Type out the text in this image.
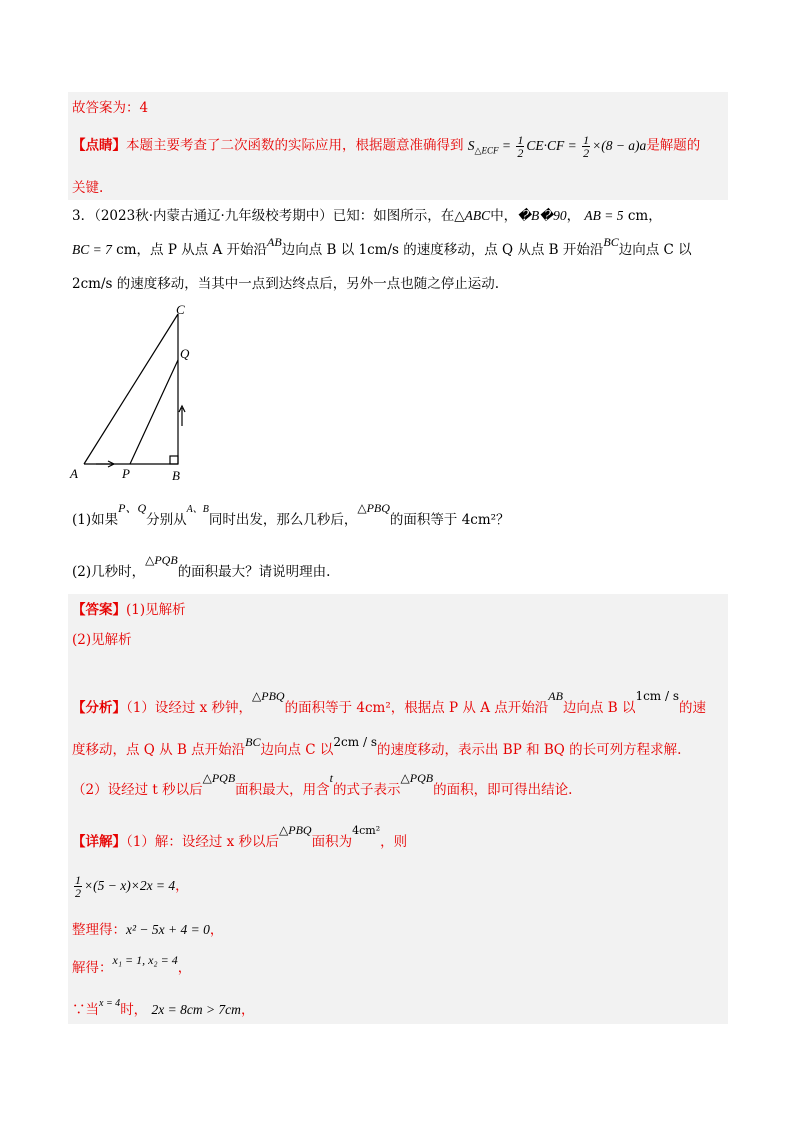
故答案为：4
【点睛】本题主要考查了二次函数的实际应用，根据题意准确得到 $S_{\triangle ECF} = \frac{1}{2} CE\cdot CF = \frac{1}{2} \times(8 - a)a$是解题的
关键.
3．（2023秋·内蒙古通辽·九年级校考期中）已知：如图所示，在△ABC中，�B�90， AB = 5 cm，
BC = 7 cm，点 P 从点 A 开始沿AB边向点 B 以 1cm/s 的速度移动，点 Q 从点 B 开始沿BC边向点 C 以
2cm/s 的速度移动，当其中一点到达终点后，另外一点也随之停止运动.
A	B
C
P
Q
(1)如果P、Q分别从$^{A、B}$同时出发，那么几秒后，△PBQ的面积等于 4cm²？
(2)几秒时，△PQB的面积最大？请说明理由.
【答案】(1)见解析
(2)见解析
【分析】（1）设经过 x 秒钟，△PBQ的面积等于 4cm²，根据点 P 从 A 点开始沿AB边向点 B 以1cm / s的速
度移动，点 Q 从 B 点开始沿BC边向点 C 以2cm / s的速度移动，表示出 BP 和 BQ 的长可列方程求解.
（2）设经过 t 秒以后△PQB面积最大，用含t的式子表示△PQB的面积，即可得出结论.
【详解】（1）解：设经过 x 秒以后△PBQ面积为$^{4cm^2}$，则
$\frac{1}{2} \times(5 - x)\times 2x = 4$，
整理得：x² − 5x + 4 = 0，
解得：x₁ = 1, x₂ = 4，
∵当$^{x = 4}$时， 2x = 8cm > 7cm，
